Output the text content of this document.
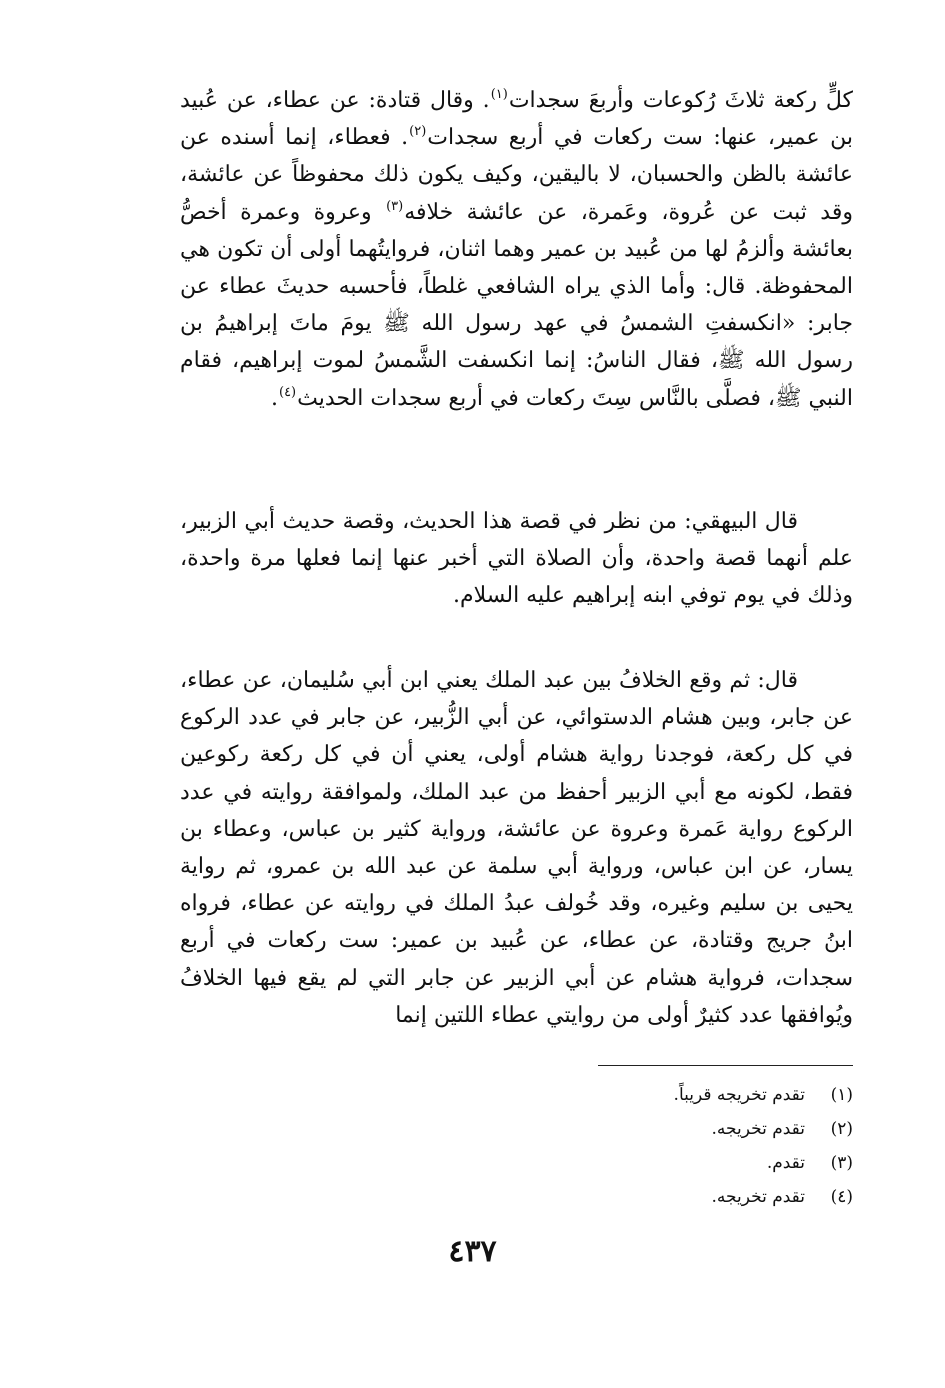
كلٍّ ركعة ثلاثَ رُكوعات وأربعَ سجدات$^{(١)}$. وقال قتادة: عن عطاء، عن عُبيد بن عمير، عنها: ست ركعات في أربع سجدات$^{(٢)}$. فعطاء، إنما أسنده عن عائشة بالظن والحسبان، لا باليقين، وكيف يكون ذلك محفوظاً عن عائشة، وقد ثبت عن عُروة، وعَمرة، عن عائشة خلافه$^{(٣)}$ وعروة وعمرة أخصُّ بعائشة وألزمُ لها من عُبيد بن عمير وهما اثنان، فروايتُهما أولى أن تكون هي المحفوظة. قال: وأما الذي يراه الشافعي غلطاً، فأحسبه حديثَ عطاء عن جابر: «انكسفتِ الشمسُ في عهد رسول الله ﷺ يومَ ماتَ إبراهيمُ بن رسول الله ﷺ، فقال الناسُ: إنما انكسفت الشَّمسُ لموت إبراهيم، فقام النبي ﷺ، فصلَّى بالنَّاس سِتَ ركعات في أربع سجدات الحديث$^{(٤)}$.

قال البيهقي: من نظر في قصة هذا الحديث، وقصة حديث أبي الزبير، علم أنهما قصة واحدة، وأن الصلاة التي أخبر عنها إنما فعلها مرة واحدة، وذلك في يوم توفي ابنه إبراهيم عليه السلام.

قال: ثم وقع الخلافُ بين عبد الملك يعني ابن أبي سُليمان، عن عطاء، عن جابر، وبين هشام الدستوائي، عن أبي الزُّبير، عن جابر في عدد الركوع في كل ركعة، فوجدنا رواية هشام أولى، يعني أن في كل ركعة ركوعين فقط، لكونه مع أبي الزبير أحفظ من عبد الملك، ولموافقة روايته في عدد الركوع رواية عَمرة وعروة عن عائشة، ورواية كثير بن عباس، وعطاء بن يسار، عن ابن عباس، ورواية أبي سلمة عن عبد الله بن عمرو، ثم رواية يحيى بن سليم وغيره، وقد خُولف عبدُ الملك في روايته عن عطاء، فرواه ابنُ جريج وقتادة، عن عطاء، عن عُبيد بن عمير: ست ركعات في أربع سجدات، فرواية هشام عن أبي الزبير عن جابر التي لم يقع فيها الخلافُ ويُوافقها عدد كثيرٌ أولى من روايتي عطاء اللتين إنما

(١)
تقدم تخريجه قريباً.
(٢)
تقدم تخريجه.
(٣)
تقدم.
(٤)
تقدم تخريجه.
٤٣٧
